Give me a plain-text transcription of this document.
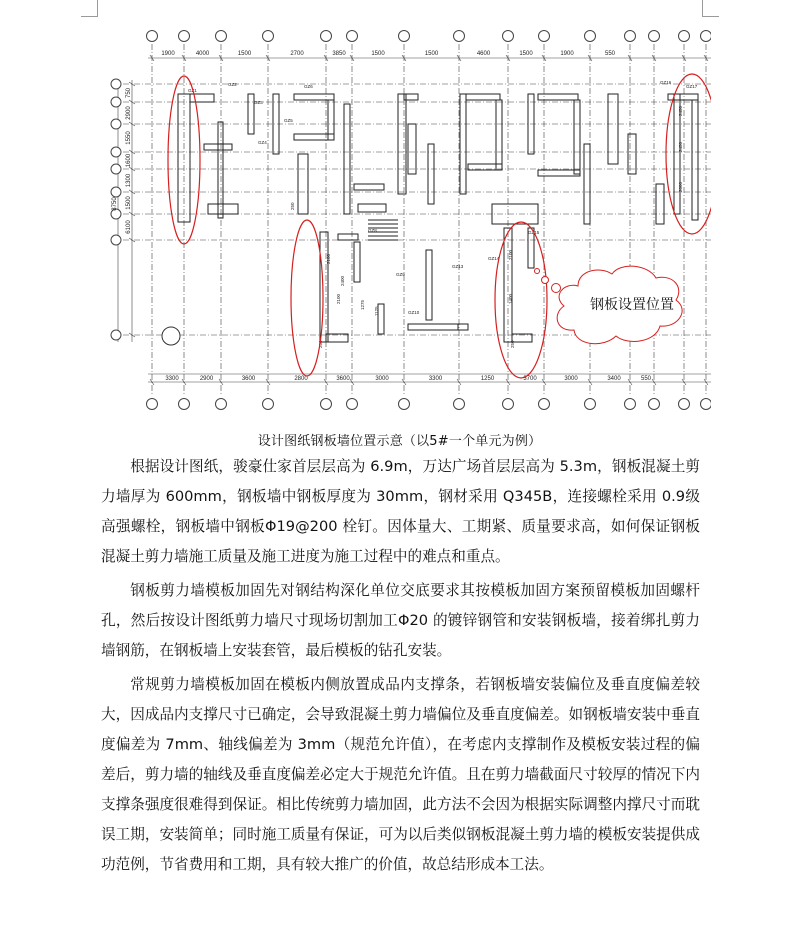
1900	4000	1500	2700	3850	1500	1500	4600	1500	1900	550
3300	2900	3600	2800	3600	3000	3300	1250	3700	3000	3400	550
750
2900
1550
1600
1300
1500
6100
8750
GZ1
GZ2
GZ3
GZ4
GZ5
GZ6
GZ8
GZ9
GZ10
GZ13
GZ14
GZ15
GZ16
GZ17
2100
2400
2100
1275
1125
2100
1400
2450
2450
2000
250	250
250
钢板设置位置
设计图纸钢板墙位置示意（以5#一个单元为例）

根据设计图纸，骏豪仕家首层层高为 6.9m，万达广场首层层高为 5.3m，钢板混凝土剪力墙厚为 600mm，钢板墙中钢板厚度为 30mm，钢材采用 Q345B，连接螺栓采用 0.9级高强螺栓，钢板墙中钢板Φ19@200 栓钉。因体量大、工期紧、质量要求高，如何保证钢板混凝土剪力墙施工质量及施工进度为施工过程中的难点和重点。

钢板剪力墙模板加固先对钢结构深化单位交底要求其按模板加固方案预留模板加固螺杆孔，然后按设计图纸剪力墙尺寸现场切割加工Φ20 的镀锌钢管和安装钢板墙，接着绑扎剪力墙钢筋，在钢板墙上安装套管，最后模板的钻孔安装。

常规剪力墙模板加固在模板内侧放置成品内支撑条，若钢板墙安装偏位及垂直度偏差较大，因成品内支撑尺寸已确定，会导致混凝土剪力墙偏位及垂直度偏差。如钢板墙安装中垂直度偏差为 7mm、轴线偏差为 3mm（规范允许值），在考虑内支撑制作及模板安装过程的偏差后，剪力墙的轴线及垂直度偏差必定大于规范允许值。且在剪力墙截面尺寸较厚的情况下内支撑条强度很难得到保证。相比传统剪力墙加固，此方法不会因为根据实际调整内撑尺寸而耽误工期，安装简单；同时施工质量有保证，可为以后类似钢板混凝土剪力墙的模板安装提供成功范例，节省费用和工期，具有较大推广的价值，故总结形成本工法。
